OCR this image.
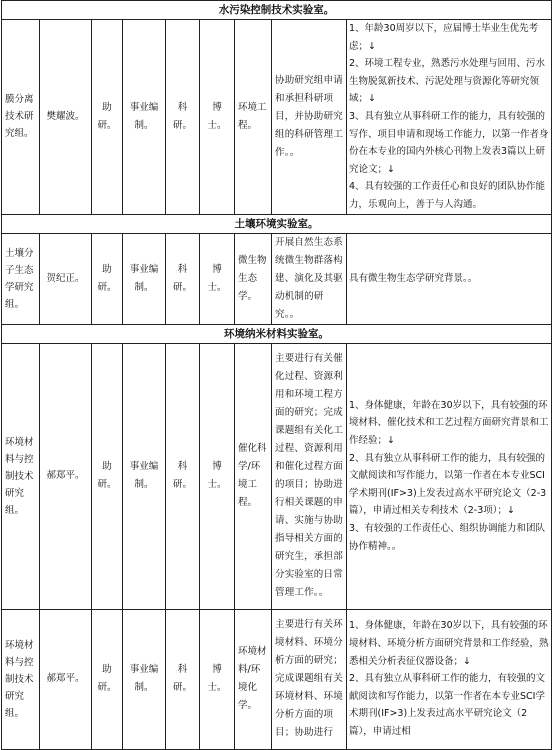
水污染控制技术实验室。								
膜分离技术研究组。	樊耀波。	助研。	事业编制。	科研。	博士。	环境工程。	协助研究组申请和承担科研项目，并协助研究组的科研管理工作。。	1、年龄30周岁以下，应届博士毕业生优先考虑；↓

2、环境工程专业，熟悉污水处理与回用、污水生物脱氮新技术、污泥处理与资源化等研究领域；↓

3、具有独立从事科研工作的能力，具有较强的写作、项目申请和现场工作能力，以第一作者身份在本专业的国内外核心刊物上发表3篇以上研究论文；↓

4、具有较强的工作责任心和良好的团队协作能力，乐观向上，善于与人沟通。

土壤环境实验室。								
土壤分子生态学研究组。	贺纪正。	助研。	事业编制。	科研。	博士。	微生物生态学。	开展自然生态系统微生物群落构建、演化及其驱动机制的研究。。	具有微生物生态学研究背景。。

环境纳米材料实验室。								
环境材料与控制技术研究组。	郝郑平。	助研。	事业编制。	科研。	博士。	催化科学/环境工程。	主要进行有关催化过程、资源利用和环境工程方面的研究；完成课题组有关化工过程、资源利用和催化过程方面的项目；协助进行相关课题的申请、实施与协助指导相关方面的研究生，承担部分实验室的日常管理工作。。	1、身体健康，年龄在30岁以下，具有较强的环境材料、催化技术和工艺过程方面研究背景和工作经验；↓

2、具有独立从事科研工作的能力，具有较强的文献阅读和写作能力，以第一作者在本专业SCI学术期刊(IF>3)上发表过高水平研究论文（2-3篇），申请过相关专利技术（2-3项）；↓

3、有较强的工作责任心、组织协调能力和团队协作精神。。

环境材料与控制技术研究组。	郝郑平。	助研。	事业编制。	科研。	博士。	环境材料/环境化学。	主要进行有关环境材料、环境分析方面的研究；完成课题组有关环境材料、环境分析方面的项目；协助进行	1、身体健康，年龄在30岁以下，具有较强的环境材料、环境分析方面研究背景和工作经验，熟悉相关分析表征仪器设备；↓

2、具有独立从事科研工作的能力，有较强的文献阅读和写作能力，以第一作者在本专业SCI学术期刊(IF>3)上发表过高水平研究论文（2篇），申请过相
